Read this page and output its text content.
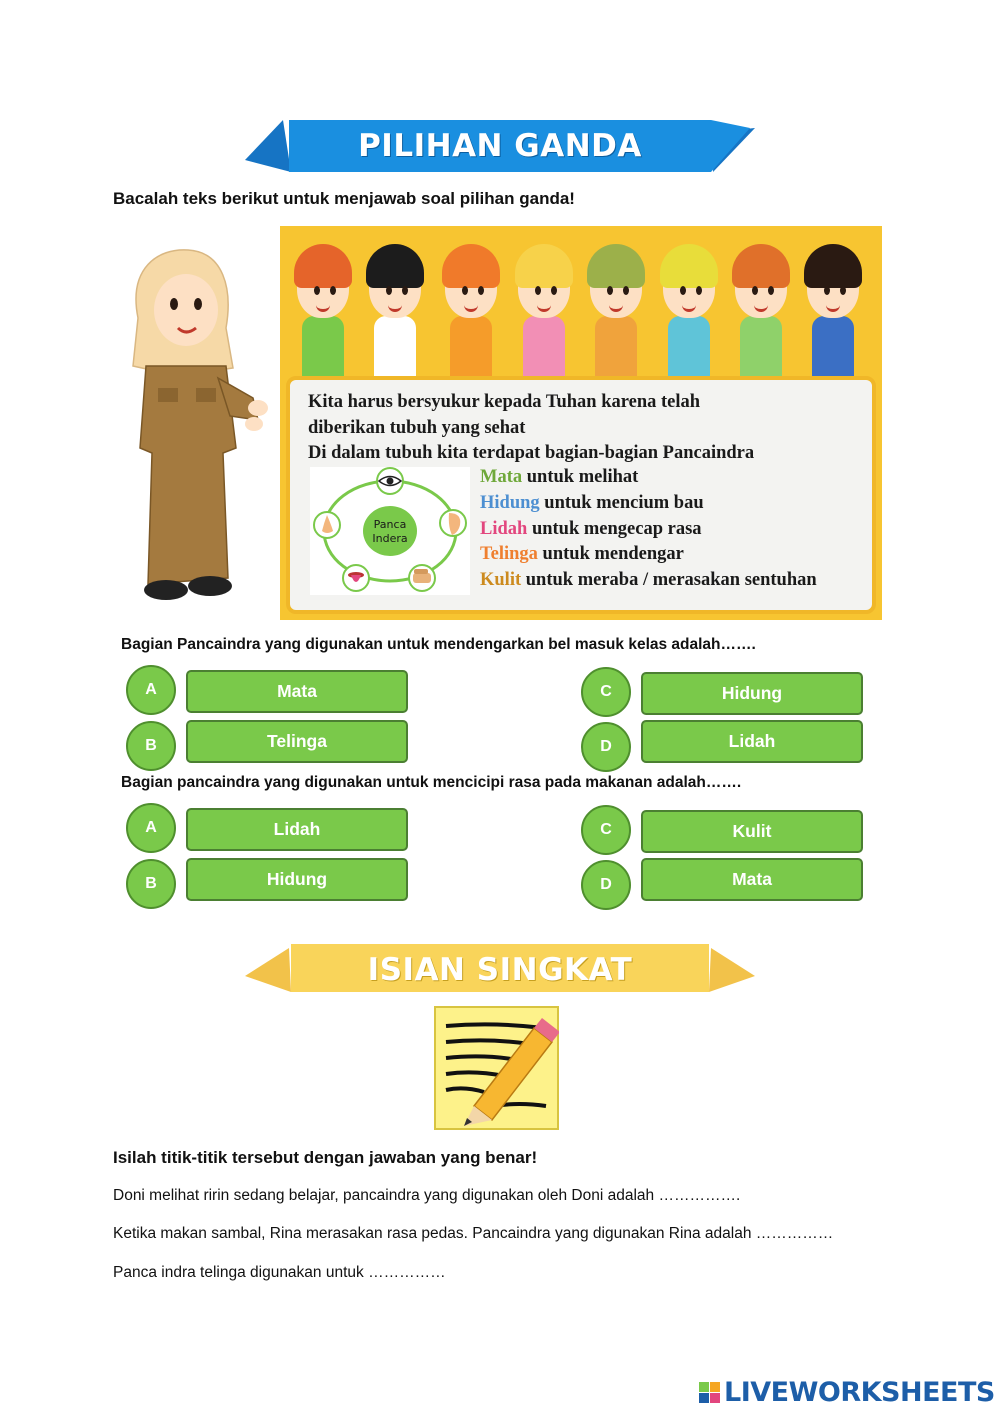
PILIHAN GANDA
Bacalah teks berikut untuk menjawab soal pilihan ganda!
Kita harus bersyukur kepada Tuhan karena telah
diberikan tubuh yang sehat
Di dalam tubuh kita terdapat bagian-bagian Pancaindra
Mata untuk melihat
Hidung untuk mencium bau
Lidah untuk mengecap rasa
Telinga untuk mendengar
Kulit untuk meraba / merasakan sentuhan
Panca
Indera
Bagian Pancaindra yang digunakan untuk mendengarkan bel masuk kelas adalah…….
A	Mata
B	Telinga
C	Hidung
D	Lidah
Bagian pancaindra yang digunakan untuk mencicipi rasa pada makanan adalah…….
A	Lidah
B	Hidung
C	Kulit
D	Mata
ISIAN SINGKAT
Isilah titik-titik tersebut dengan jawaban yang benar!
Doni melihat ririn sedang belajar, pancaindra yang digunakan oleh Doni adalah …………….
Ketika makan sambal, Rina merasakan rasa pedas. Pancaindra yang digunakan Rina adalah ……………
Panca indra telinga digunakan untuk ……………
LIVEWORKSHEETS
